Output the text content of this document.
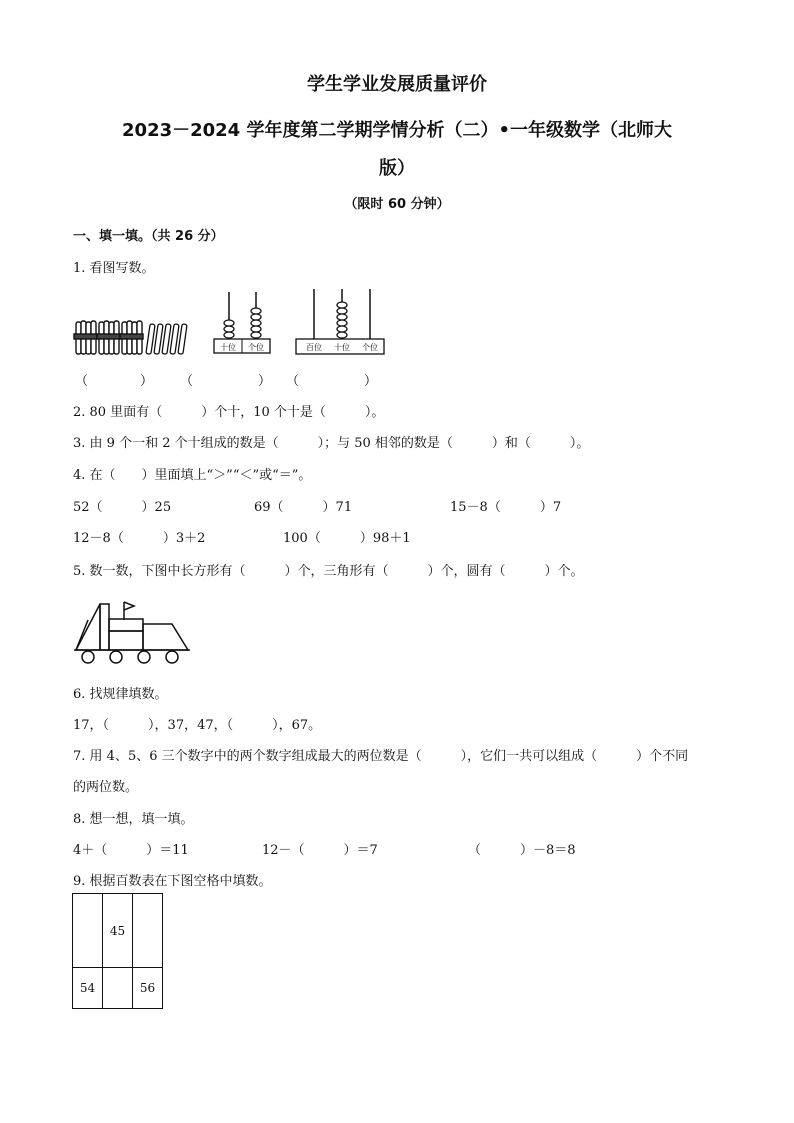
学生学业发展质量评价
2023－2024 学年度第二学期学情分析（二）•一年级数学（北师大
版）
（限时 60 分钟）
一、填一填。（共 26 分）
1. 看图写数。
十位 个位	百位 十位 个位
（　　　　） （　　　　　） （　　　　　）
2. 80 里面有（　　　）个十，10 个十是（　　　）。
3. 由 9 个一和 2 个十组成的数是（　　　）；与 50 相邻的数是（　　　）和（　　　）。
4. 在（　　）里面填上“＞”“＜”或“＝”。
52（　　　）25	69（　　　）71	15－8（　　　）7
12－8（　　　）3＋2	100（　　　）98＋1
5. 数一数，下图中长方形有（　　　）个，三角形有（　　　）个，圆有（　　　）个。
6. 找规律填数。
17，（　　　），37，47，（　　　），67。
7. 用 4、5、6 三个数字中的两个数字组成最大的两位数是（　　　），它们一共可以组成（　　　）个不同
的两位数。
8. 想一想，填一填。
4＋（　　　）＝11	12－（　　　）＝7	（　　　）－8＝8
9. 根据百数表在下图空格中填数。
	45	
54		56
